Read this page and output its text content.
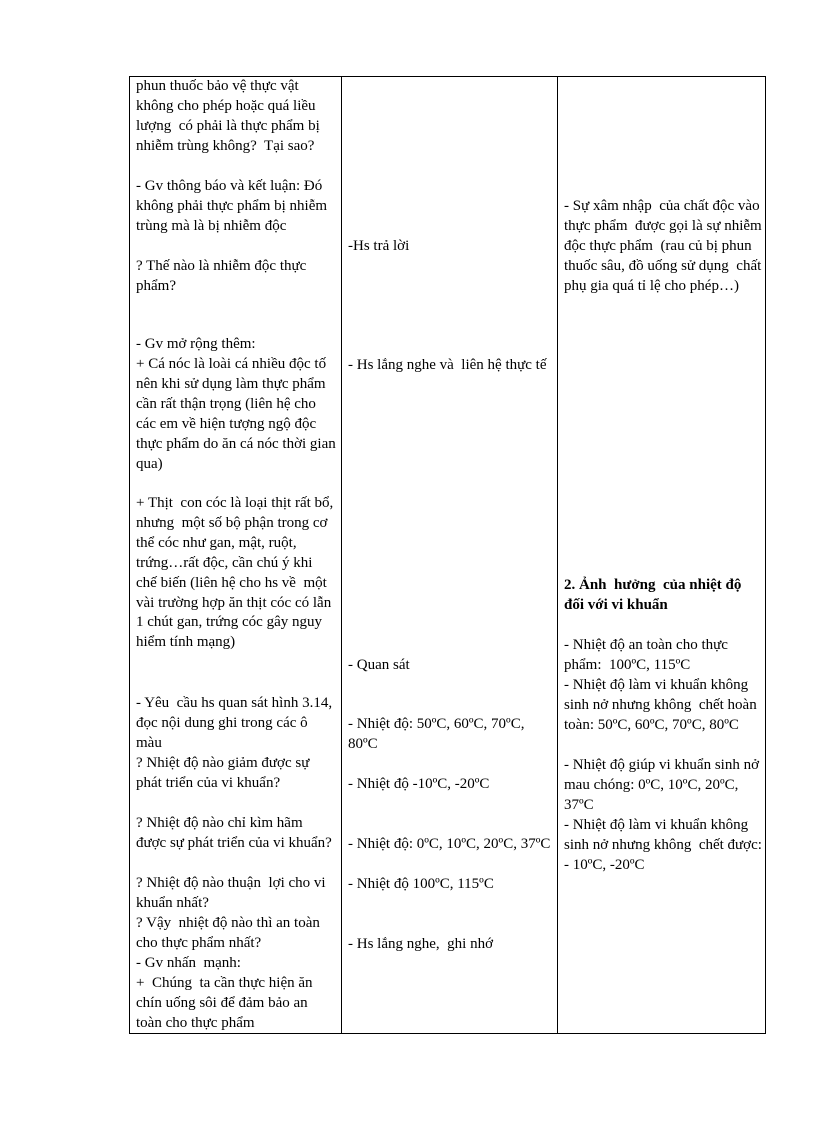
phun thuốc bảo vệ thực vật không cho phép hoặc quá liều lượng  có phải là thực phẩm bị nhiễm trùng không?  Tại sao?
- Gv thông báo và kết luận: Đó không phải thực phẩm bị nhiễm trùng mà là bị nhiễm độc
? Thế nào là nhiễm độc thực phẩm?
- Gv mở rộng thêm:
+ Cá nóc là loài cá nhiều độc tố nên khi sử dụng làm thực phẩm  cần rất thận trọng (liên hệ cho các em về hiện tượng ngộ độc thực phẩm do ăn cá nóc thời gian qua)
+ Thịt  con cóc là loại thịt rất bổ, nhưng  một số bộ phận trong cơ thể cóc như gan, mật, ruột, trứng…rất độc, cần chú ý khi chế biến (liên hệ cho hs về  một vài trường hợp ăn thịt cóc có lẫn 1 chút gan, trứng cóc gây nguy hiểm tính mạng)
- Yêu  cầu hs quan sát hình 3.14, đọc nội dung ghi trong các ô màu
? Nhiệt độ nào giảm được sự phát triển của vi khuẩn?
? Nhiệt độ nào chỉ kìm hãm được sự phát triển của vi khuẩn?
? Nhiệt độ nào thuận  lợi cho vi khuẩn nhất?
? Vậy  nhiệt độ nào thì an toàn cho thực phẩm nhất?
- Gv nhấn  mạnh:
+  Chúng  ta cần thực hiện ăn chín uống sôi để đảm bảo an toàn cho thực phẩm
-Hs trả lời
- Hs lắng nghe và  liên hệ thực tế
- Quan sát
- Nhiệt độ: 50ºC, 60ºC, 70ºC, 80ºC
- Nhiệt độ -10ºC, -20ºC
- Nhiệt độ: 0ºC, 10ºC, 20ºC, 37ºC
- Nhiệt độ 100ºC, 115ºC
- Hs lắng nghe,  ghi nhớ
- Sự xâm nhập  của chất độc vào  thực phẩm  được gọi là sự nhiễm  độc thực phẩm  (rau củ bị phun thuốc sâu, đồ uống sử dụng  chất phụ gia quá tỉ lệ cho phép…)
2. Ảnh  hưởng  của nhiệt độ đối với vi khuẩn
- Nhiệt độ an toàn cho thực phẩm:  100ºC, 115ºC
- Nhiệt độ làm vi khuẩn không sinh nở nhưng không  chết hoàn toàn: 50ºC, 60ºC, 70ºC, 80ºC
- Nhiệt độ giúp vi khuẩn sinh nở mau chóng: 0ºC, 10ºC, 20ºC, 37ºC
- Nhiệt độ làm vi khuẩn không sinh nở nhưng không  chết được:       - 10ºC, -20ºC
